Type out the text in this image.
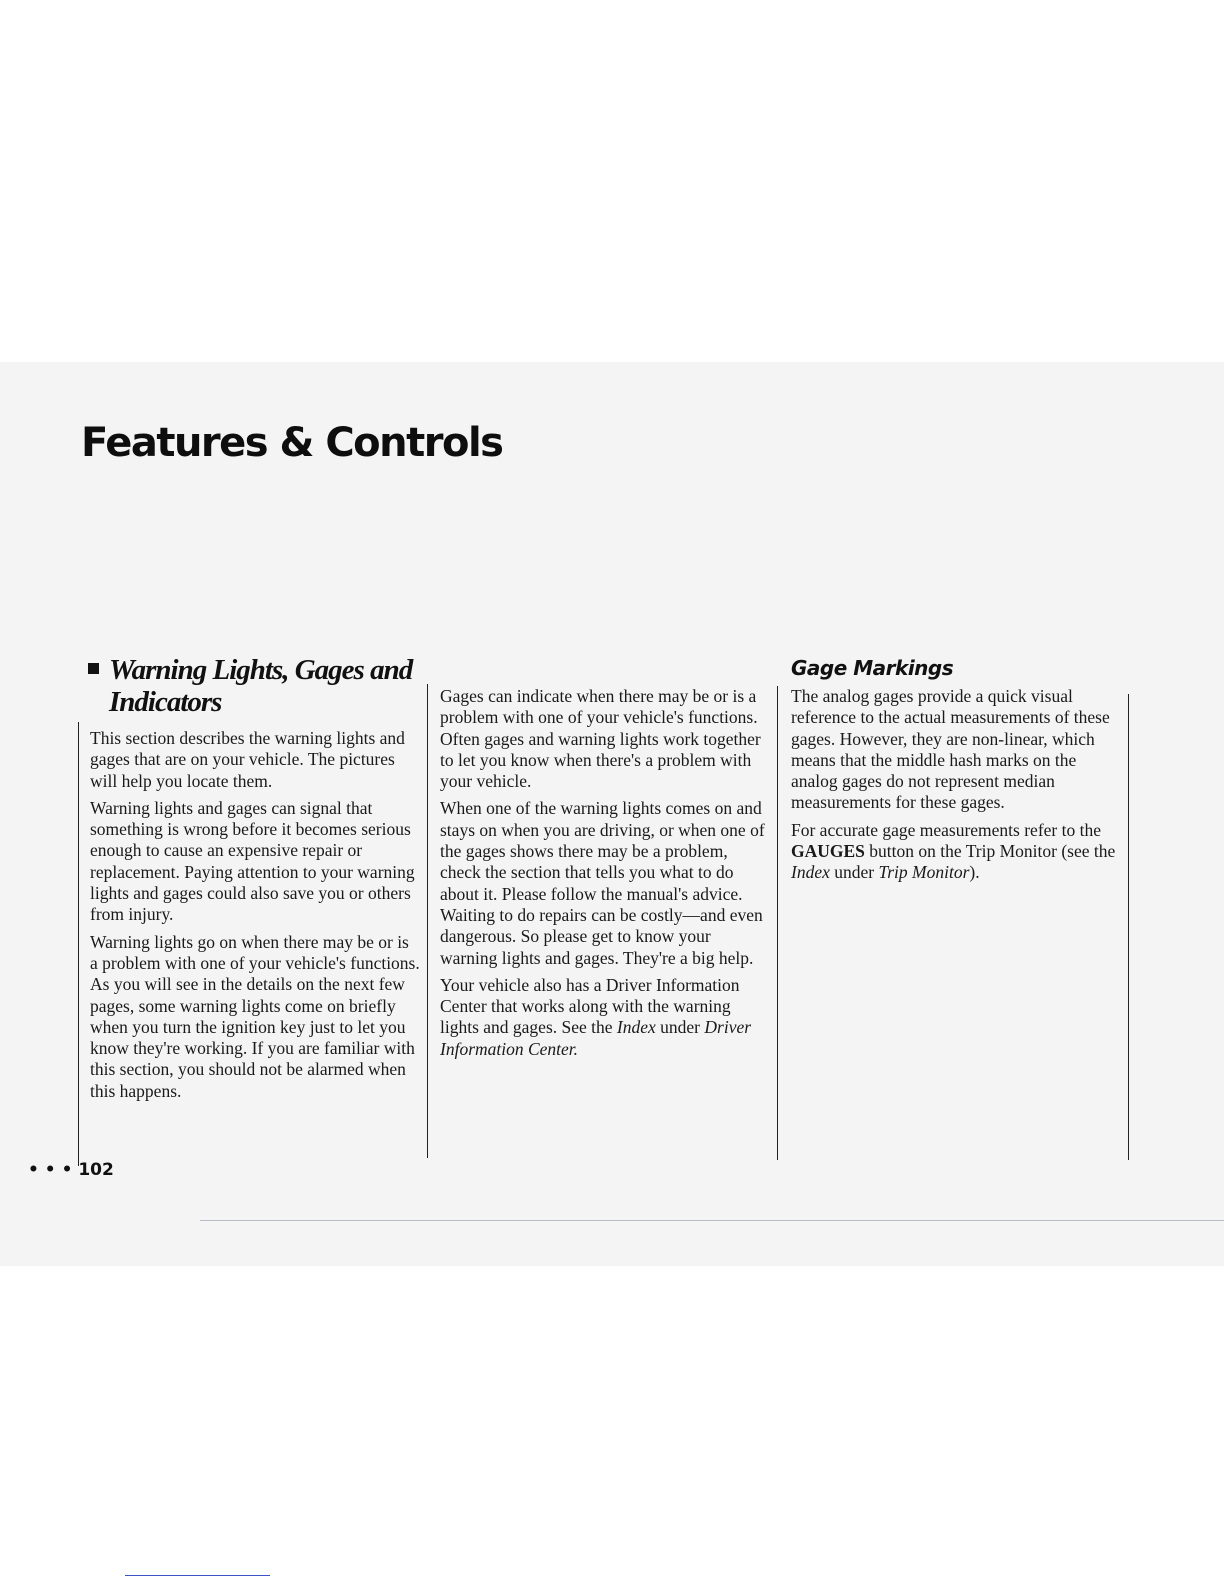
Features & Controls
Warning Lights, Gages and
Indicators

This section describes the warning lights and gages that are on your vehicle. The pictures will help you locate them.

Warning lights and gages can signal that something is wrong before it becomes serious enough to cause an expensive repair or replacement. Paying attention to your warning lights and gages could also save you or others from injury.

Warning lights go on when there may be or is a problem with one of your vehicle's functions. As you will see in the details on the next few pages, some warning lights come on briefly when you turn the ignition key just to let you know they're working. If you are familiar with this section, you should not be alarmed when this happens.

Gages can indicate when there may be or is a problem with one of your vehicle's functions. Often gages and warning lights work together to let you know when there's a problem with your vehicle.

When one of the warning lights comes on and stays on when you are driving, or when one of the gages shows there may be a problem, check the section that tells you what to do about it. Please follow the manual's advice. Waiting to do repairs can be costly—and even dangerous. So please get to know your warning lights and gages. They're a big help.

Your vehicle also has a Driver Information Center that works along with the warning lights and gages. See the Index under Driver Information Center.

Gage Markings

The analog gages provide a quick visual reference to the actual measurements of these gages. However, they are non-linear, which means that the middle hash marks on the analog gages do not represent median measurements for these gages.

For accurate gage measurements refer to the GAUGES button on the Trip Monitor (see the Index under Trip Monitor).

• • • 102
